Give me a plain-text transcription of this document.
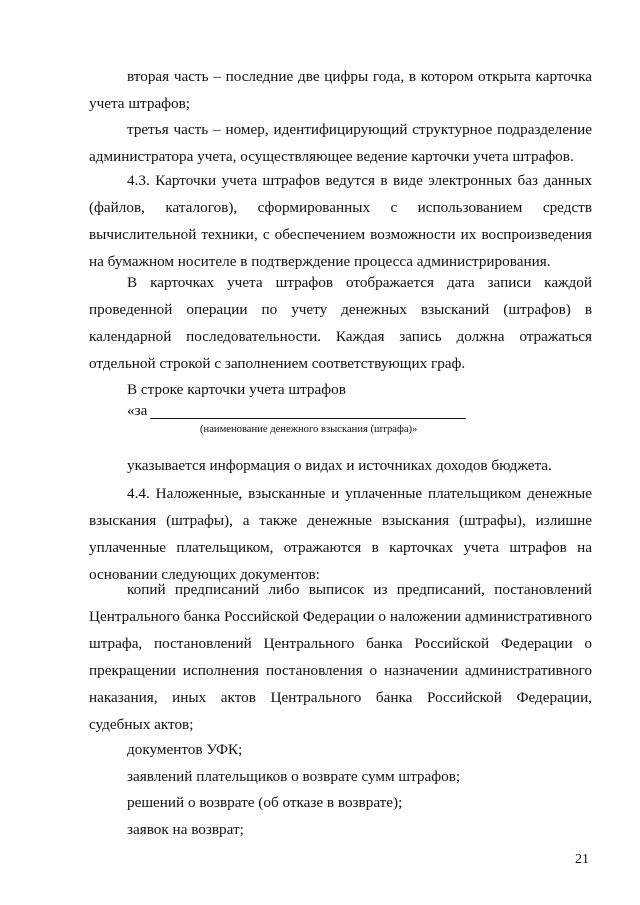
вторая часть – последние две цифры года, в котором открыта карточка учета штрафов;

третья часть – номер, идентифицирующий структурное подразделение администратора учета, осуществляющее ведение карточки учета штрафов.

4.3. Карточки учета штрафов ведутся в виде электронных баз данных (файлов, каталогов), сформированных с использованием средств вычислительной техники, с обеспечением возможности их воспроизведения на бумажном носителе в подтверждение процесса администрирования.

В карточках учета штрафов отображается дата записи каждой проведенной операции по учету денежных взысканий (штрафов) в календарной последовательности. Каждая запись должна отражаться отдельной строкой с заполнением соответствующих граф.

В строке карточки учета штрафов

«за

(наименование денежного взыскания (штрафа)»

указывается информация о видах и источниках доходов бюджета.

4.4. Наложенные, взысканные и уплаченные плательщиком денежные взыскания (штрафы), а также денежные взыскания (штрафы), излишне уплаченные плательщиком, отражаются в карточках учета штрафов на основании следующих документов:

копий предписаний либо выписок из предписаний, постановлений Центрального банка Российской Федерации о наложении административного штрафа, постановлений Центрального банка Российской Федерации о прекращении исполнения постановления о назначении административного наказания, иных актов Центрального банка Российской Федерации, судебных актов;

документов УФК;

заявлений плательщиков о возврате сумм штрафов;

решений о возврате (об отказе в возврате);

заявок на возврат;

21
